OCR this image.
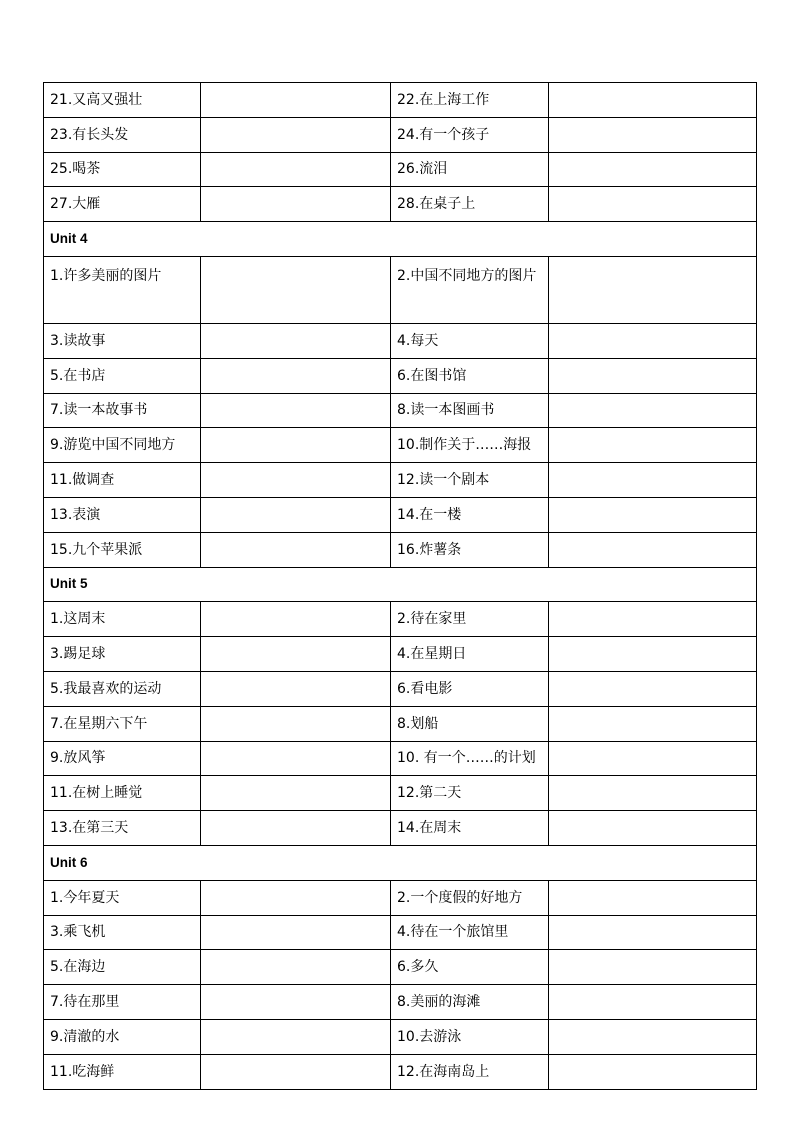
21.又高又强壮		22.在上海工作	
23.有长头发		24.有一个孩子	
25.喝茶		26.流泪	
27.大雁		28.在桌子上	
Unit 4			
1.许多美丽的图片		2.中国不同地方的图片	
3.读故事		4.每天	
5.在书店		6.在图书馆	
7.读一本故事书		8.读一本图画书	
9.游览中国不同地方		10.制作关于……海报	
11.做调查		12.读一个剧本	
13.表演		14.在一楼	
15.九个苹果派		16.炸薯条	
Unit 5			
1.这周末		2.待在家里	
3.踢足球		4.在星期日	
5.我最喜欢的运动		6.看电影	
7.在星期六下午		8.划船	
9.放风筝		10. 有一个……的计划	
11.在树上睡觉		12.第二天	
13.在第三天		14.在周末	
Unit 6			
1.今年夏天		2.一个度假的好地方	
3.乘飞机		4.待在一个旅馆里	
5.在海边		6.多久	
7.待在那里		8.美丽的海滩	
9.清澈的水		10.去游泳	
11.吃海鲜		12.在海南岛上	
